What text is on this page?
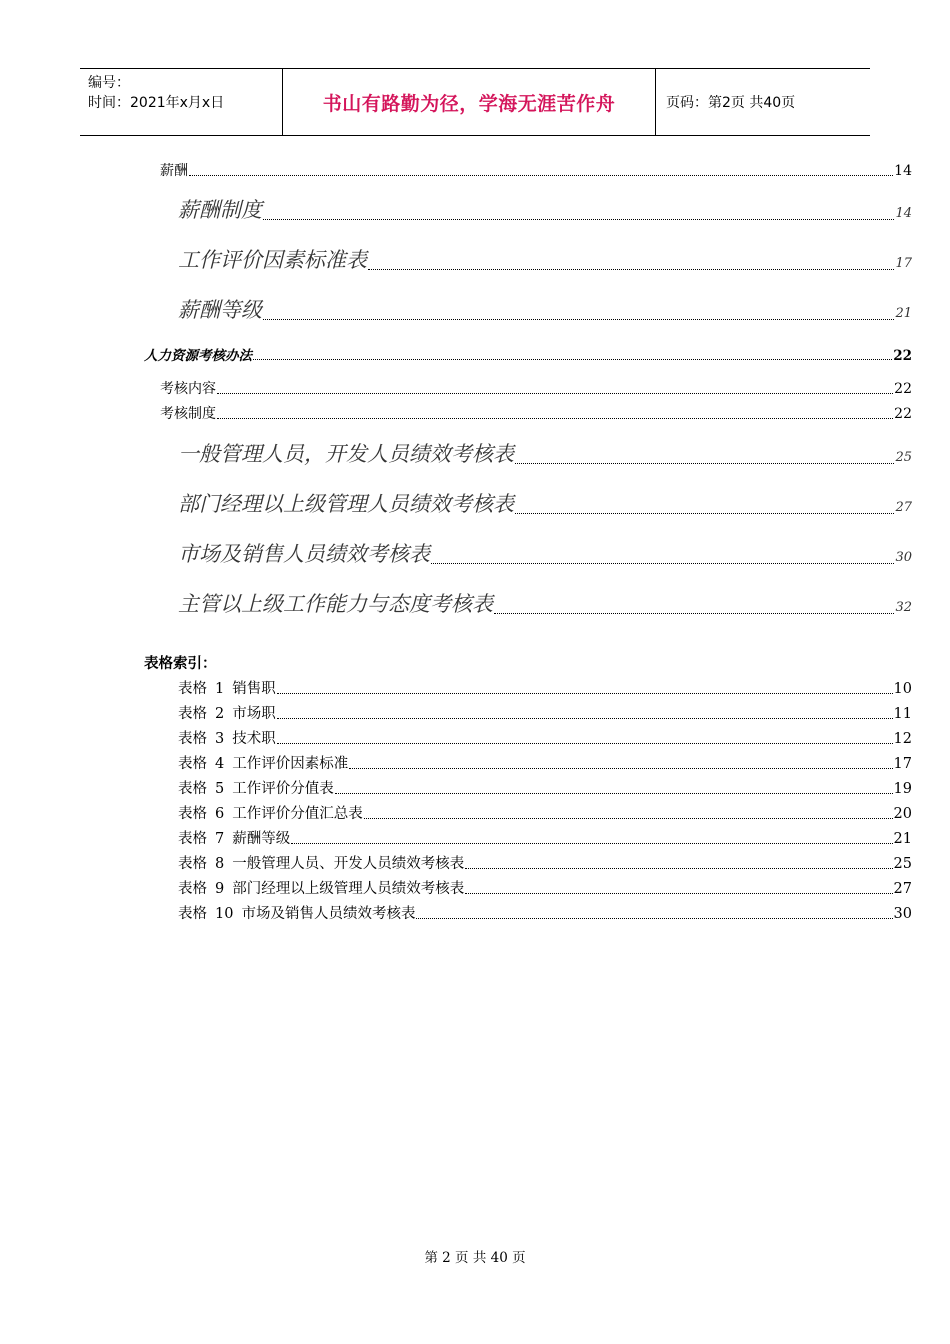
编号：
时间：2021年x月x日	书山有路勤为径，学海无涯苦作舟	页码：第2页 共40页
薪酬	14
薪酬制度	14
工作评价因素标准表	17
薪酬等级	21
人力资源考核办法	22
考核内容	22
考核制度	22
一般管理人员，开发人员绩效考核表	25
部门经理以上级管理人员绩效考核表	27
市场及销售人员绩效考核表	30
主管以上级工作能力与态度考核表	32
表格索引：
表格 1 销售职	10
表格 2 市场职	11
表格 3 技术职	12
表格 4 工作评价因素标准	17
表格 5 工作评价分值表	19
表格 6 工作评价分值汇总表	20
表格 7 薪酬等级	21
表格 8 一般管理人员、开发人员绩效考核表	25
表格 9 部门经理以上级管理人员绩效考核表	27
表格 10 市场及销售人员绩效考核表	30
第 2 页 共 40 页
